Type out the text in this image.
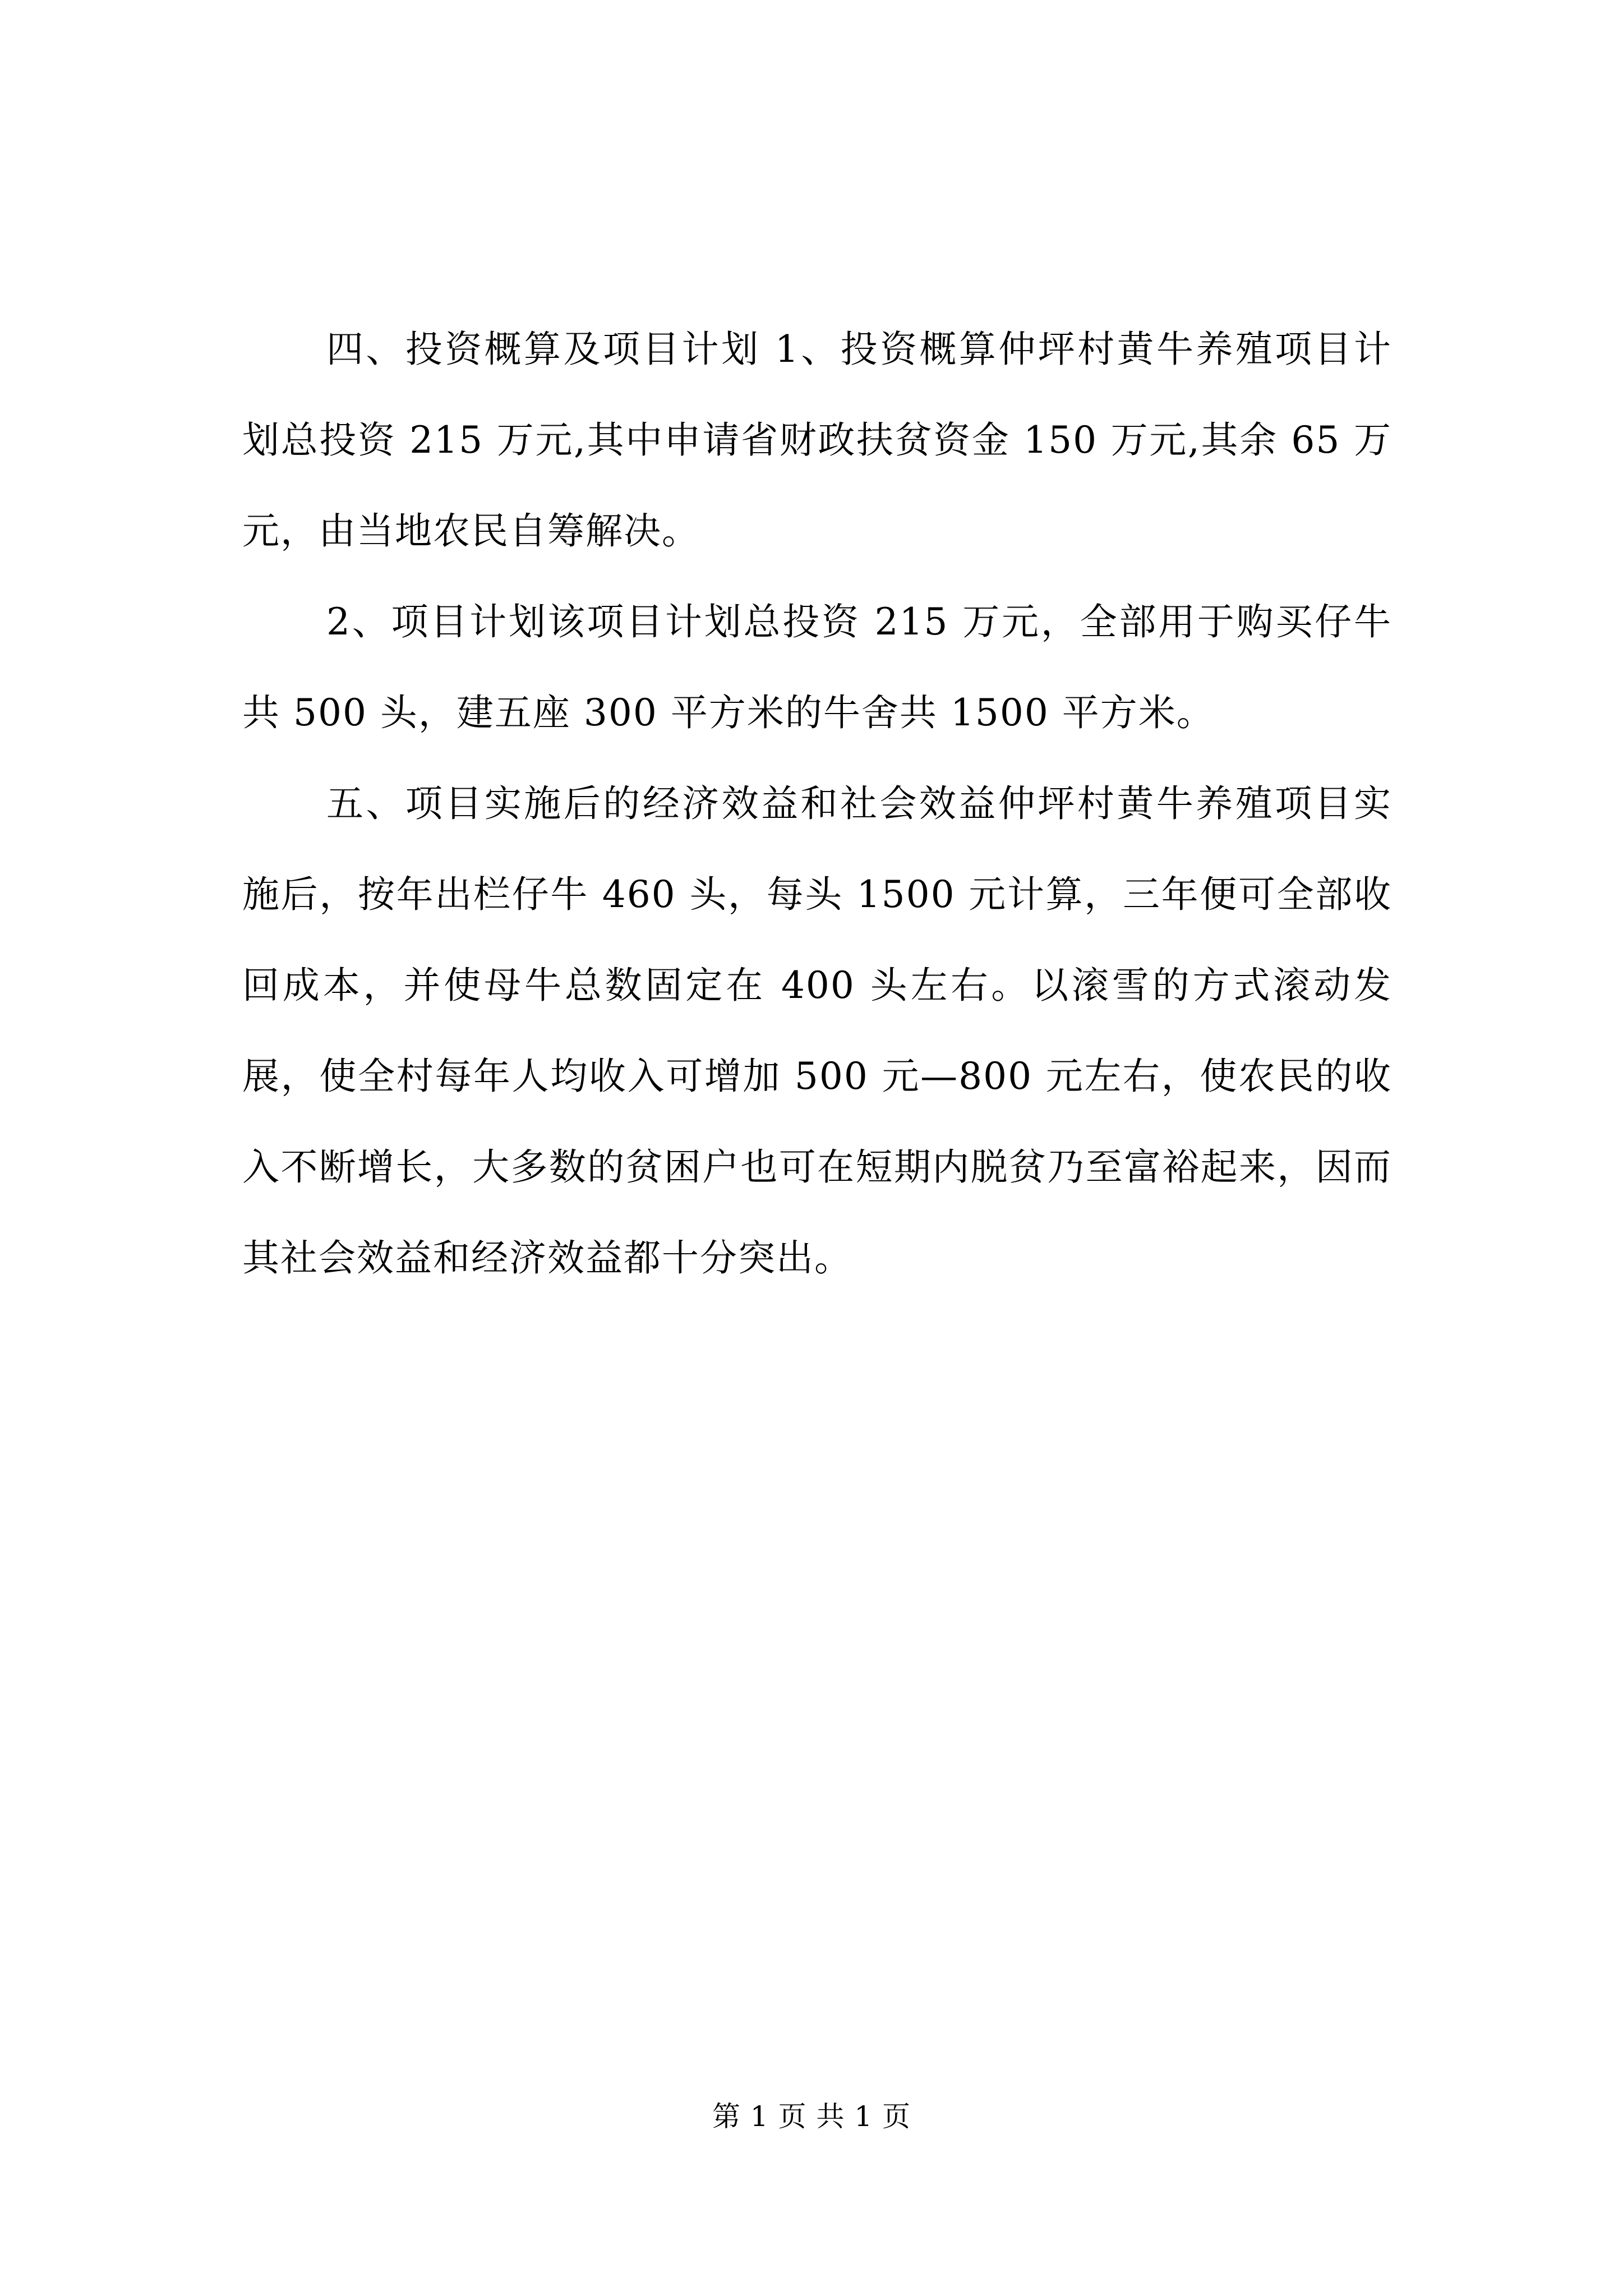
四、投资概算及项目计划 1、投资概算仲坪村黄牛养殖项目计划总投资 215 万元,其中申请省财政扶贫资金 150 万元,其余 65 万元，由当地农民自筹解决。

2、项目计划该项目计划总投资 215 万元，全部用于购买仔牛共 500 头，建五座 300 平方米的牛舍共 1500 平方米。

五、项目实施后的经济效益和社会效益仲坪村黄牛养殖项目实施后，按年出栏仔牛 460 头，每头 1500 元计算，三年便可全部收回成本，并使母牛总数固定在 400 头左右。以滚雪的方式滚动发展，使全村每年人均收入可增加 500 元—800 元左右，使农民的收入不断增长，大多数的贫困户也可在短期内脱贫乃至富裕起来，因而其社会效益和经济效益都十分突出。

第 1 页 共 1 页
